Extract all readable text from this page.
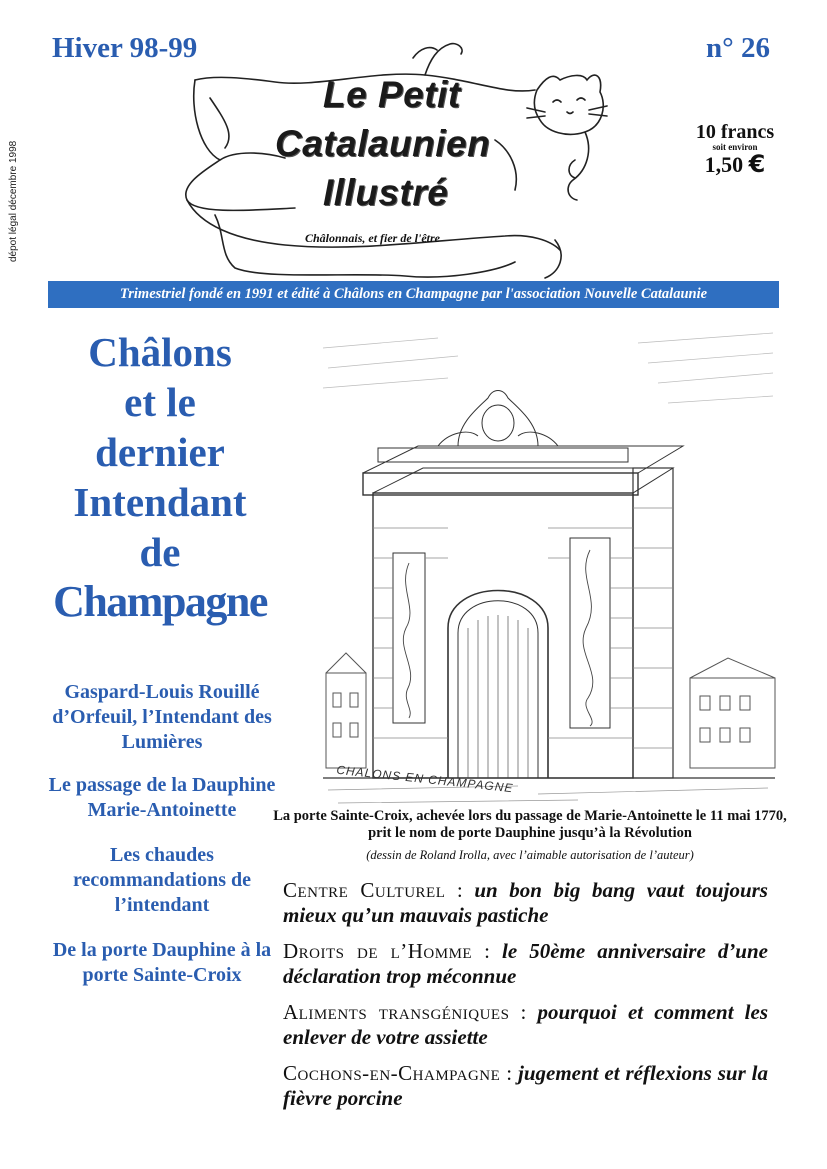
Hiver 98-99	n° 26
dépot légal décembre 1998
Le Petit
Catalaunien
Illustré
Châlonnais, et fier de l'être
10 francs
soit environ
1,50 €
Trimestriel fondé en 1991 et édité à Châlons en Champagne par l'association Nouvelle Catalaunie
Châlons
et le
dernier
Intendant
de
Champagne
Gaspard-Louis Rouillé d’Orfeuil, l’Intendant des Lumières
Le passage de la Dauphine Marie-Antoinette
Les chaudes recommandations de l’intendant
De la porte Dauphine à la porte Sainte-Croix
CHALONS EN CHAMPAGNE
La porte Sainte-Croix, achevée lors du passage de Marie-Antoinette le 11 mai 1770, prit le nom de porte Dauphine jusqu’à la Révolution
(dessin de Roland Irolla, avec l’aimable autorisation de l’auteur)
Centre Culturel : un bon big bang vaut toujours mieux qu’un mauvais pastiche
Droits de l’Homme : le 50ème anniversaire d’une déclaration trop méconnue
Aliments transgéniques : pourquoi et comment les enlever de votre assiette
Cochons-en-Champagne : jugement et réflexions sur la fièvre porcine
